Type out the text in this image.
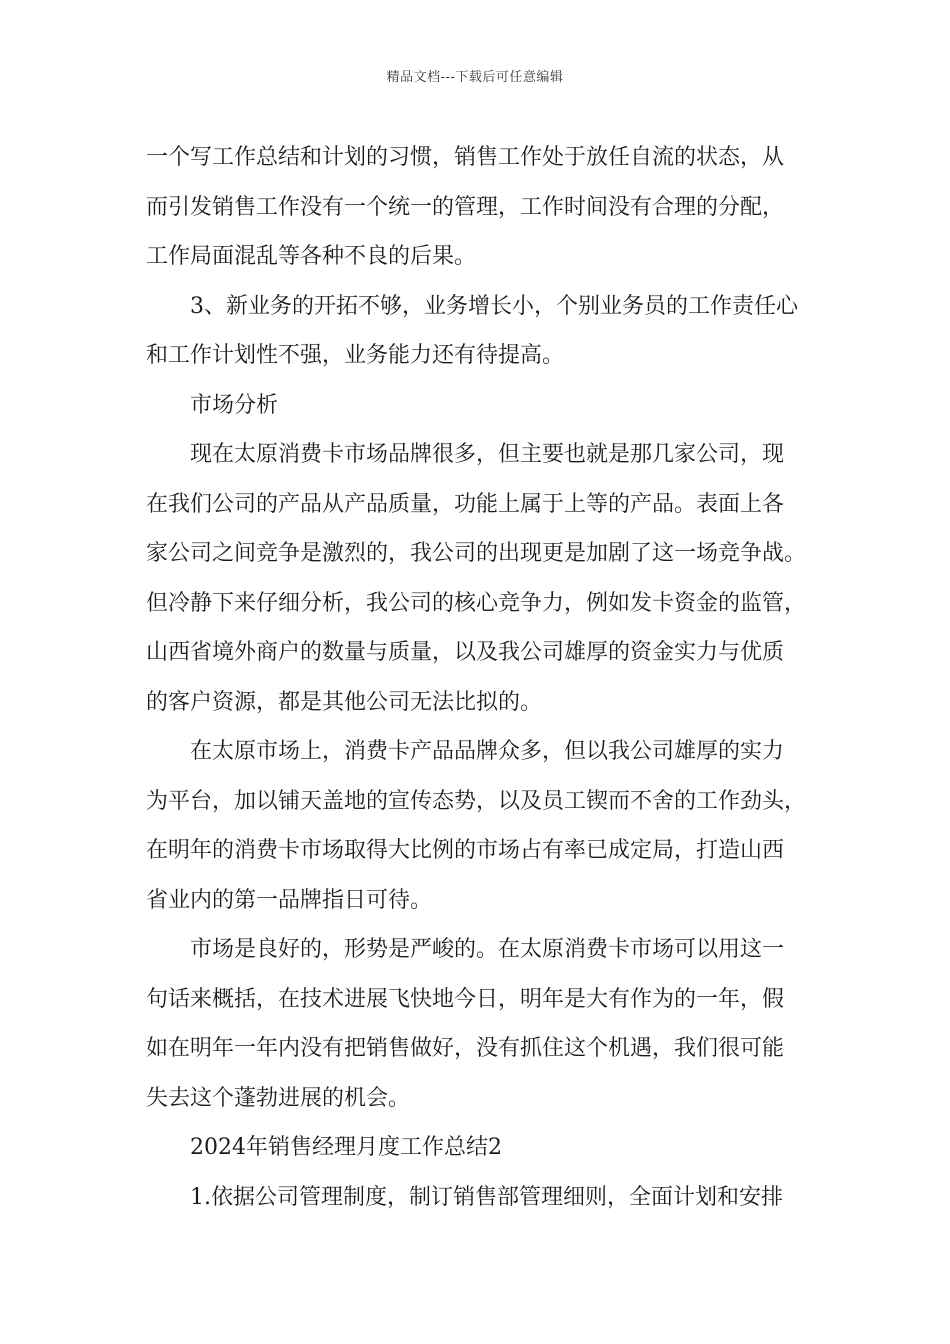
精品文档---下载后可任意编辑
一个写工作总结和计划的习惯，销售工作处于放任自流的状态，从
而引发销售工作没有一个统一的管理，工作时间没有合理的分配，
工作局面混乱等各种不良的后果。
3、新业务的开拓不够，业务增长小，个别业务员的工作责任心
和工作计划性不强，业务能力还有待提高。
市场分析
现在太原消费卡市场品牌很多，但主要也就是那几家公司，现
在我们公司的产品从产品质量，功能上属于上等的产品。表面上各
家公司之间竞争是激烈的，我公司的出现更是加剧了这一场竞争战。
但冷静下来仔细分析，我公司的核心竞争力，例如发卡资金的监管，
山西省境外商户的数量与质量，以及我公司雄厚的资金实力与优质
的客户资源，都是其他公司无法比拟的。
在太原市场上，消费卡产品品牌众多，但以我公司雄厚的实力
为平台，加以铺天盖地的宣传态势，以及员工锲而不舍的工作劲头，
在明年的消费卡市场取得大比例的市场占有率已成定局，打造山西
省业内的第一品牌指日可待。
市场是良好的，形势是严峻的。在太原消费卡市场可以用这一
句话来概括，在技术进展飞快地今日，明年是大有作为的一年，假
如在明年一年内没有把销售做好，没有抓住这个机遇，我们很可能
失去这个蓬勃进展的机会。
2024年销售经理月度工作总结2
1.依据公司管理制度，制订销售部管理细则，全面计划和安排
